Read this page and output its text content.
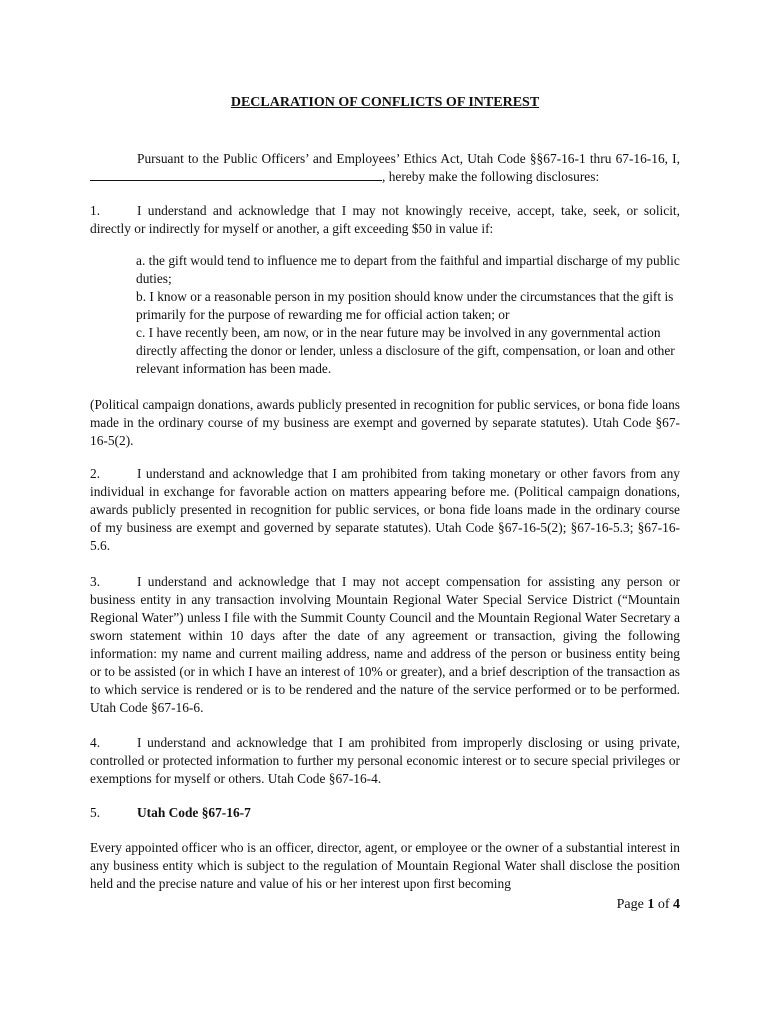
DECLARATION OF CONFLICTS OF INTEREST

Pursuant to the Public Officers’ and Employees’ Ethics Act, Utah Code §§67-16-1 thru 67-16-16, I, , hereby make the following disclosures:

1.	I understand and acknowledge that I may not knowingly receive, accept, take, seek, or solicit, directly or indirectly for myself or another, a gift exceeding $50 in value if:

a. the gift would tend to influence me to depart from the faithful and impartial discharge of my public duties;
b. I know or a reasonable person in my position should know under the circumstances that the gift is primarily for the purpose of rewarding me for official action taken; or
c. I have recently been, am now, or in the near future may be involved in any governmental action directly affecting the donor or lender, unless a disclosure of the gift, compensation, or loan and other relevant information has been made.

(Political campaign donations, awards publicly presented in recognition for public services, or bona fide loans made in the ordinary course of my business are exempt and governed by separate statutes). Utah Code §67-16-5(2).

2.	I understand and acknowledge that I am prohibited from taking monetary or other favors from any individual in exchange for favorable action on matters appearing before me. (Political campaign donations, awards publicly presented in recognition for public services, or bona fide loans made in the ordinary course of my business are exempt and governed by separate statutes). Utah Code §67-16-5(2); §67-16-5.3; §67-16-5.6.

3.	I understand and acknowledge that I may not accept compensation for assisting any person or business entity in any transaction involving Mountain Regional Water Special Service District (“Mountain Regional Water”) unless I file with the Summit County Council and the Mountain Regional Water Secretary a sworn statement within 10 days after the date of any agreement or transaction, giving the following information: my name and current mailing address, name and address of the person or business entity being or to be assisted (or in which I have an interest of 10% or greater), and a brief description of the transaction as to which service is rendered or is to be rendered and the nature of the service performed or to be performed. Utah Code §67-16-6.

4.	I understand and acknowledge that I am prohibited from improperly disclosing or using private, controlled or protected information to further my personal economic interest or to secure special privileges or exemptions for myself or others. Utah Code §67-16-4.

5.	Utah Code §67-16-7

Every appointed officer who is an officer, director, agent, or employee or the owner of a substantial interest in any business entity which is subject to the regulation of Mountain Regional Water shall disclose the position held and the precise nature and value of his or her interest upon first becoming

Page 1 of 4
